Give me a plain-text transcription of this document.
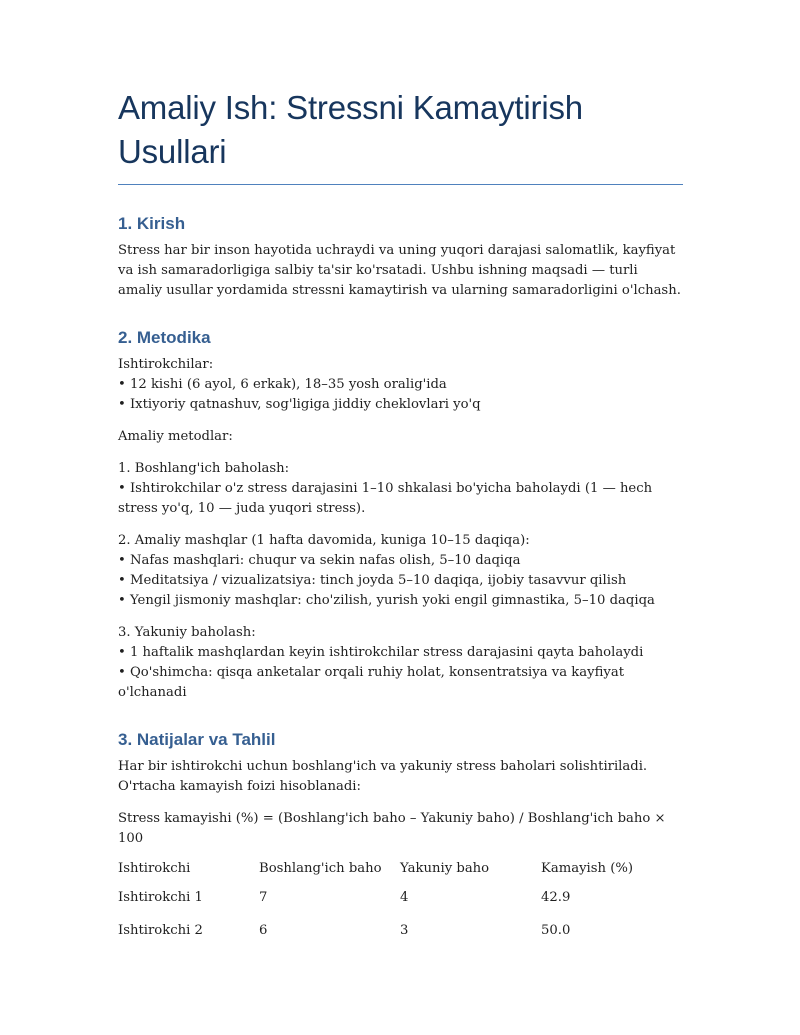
Amaliy Ish: Stressni Kamaytirish Usullari
1. Kirish

Stress har bir inson hayotida uchraydi va uning yuqori darajasi salomatlik, kayfiyat va ish samaradorligiga salbiy ta'sir ko'rsatadi. Ushbu ishning maqsadi — turli amaliy usullar yordamida stressni kamaytirish va ularning samaradorligini o'lchash.

2. Metodika

Ishtirokchilar:

• 12 kishi (6 ayol, 6 erkak), 18–35 yosh oralig'ida
• Ixtiyoriy qatnashuv, sog'ligiga jiddiy cheklovlari yo'q

Amaliy metodlar:

1. Boshlang'ich baholash:

• Ishtirokchilar o'z stress darajasini 1–10 shkalasi bo'yicha baholaydi (1 — hech stress yo'q, 10 — juda yuqori stress).

2. Amaliy mashqlar (1 hafta davomida, kuniga 10–15 daqiqa):

• Nafas mashqlari: chuqur va sekin nafas olish, 5–10 daqiqa
• Meditatsiya / vizualizatsiya: tinch joyda 5–10 daqiqa, ijobiy tasavvur qilish
• Yengil jismoniy mashqlar: cho'zilish, yurish yoki engil gimnastika, 5–10 daqiqa

3. Yakuniy baholash:

• 1 haftalik mashqlardan keyin ishtirokchilar stress darajasini qayta baholaydi
• Qo'shimcha: qisqa anketalar orqali ruhiy holat, konsentratsiya va kayfiyat o'lchanadi
3. Natijalar va Tahlil

Har bir ishtirokchi uchun boshlang'ich va yakuniy stress baholari solishtiriladi. O'rtacha kamayish foizi hisoblanadi:

Stress kamayishi (%) = (Boshlang'ich baho – Yakuniy baho) / Boshlang'ich baho × 100

Ishtirokchi	Boshlang'ich baho	Yakuniy baho	Kamayish (%)
Ishtirokchi 1	7	4	42.9
Ishtirokchi 2	6	3	50.0
